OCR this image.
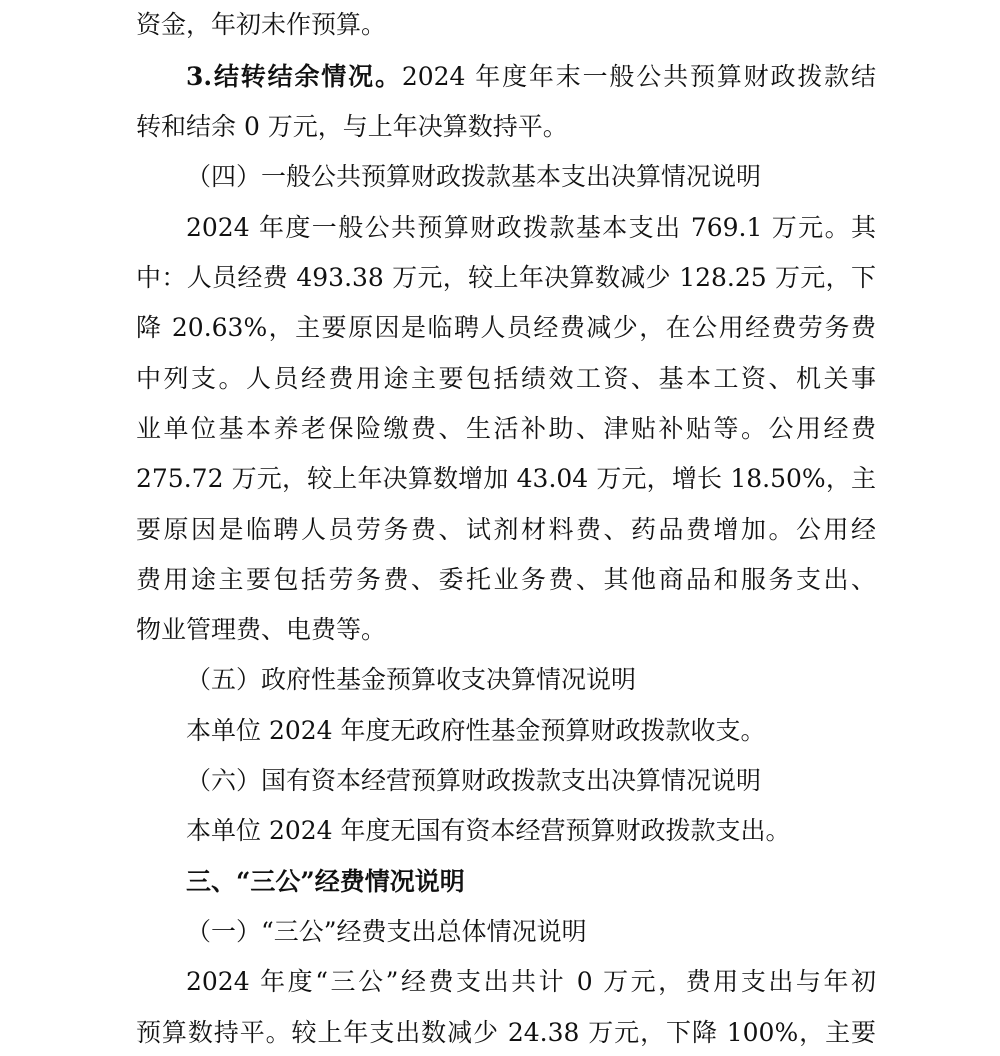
资金，年初未作预算。
3.结转结余情况。2024 年度年末一般公共预算财政拨款结
转和结余 0 万元，与上年决算数持平。
（四）一般公共预算财政拨款基本支出决算情况说明
2024 年度一般公共预算财政拨款基本支出 769.1 万元。其
中：人员经费 493.38 万元，较上年决算数减少 128.25 万元，下
降 20.63%，主要原因是临聘人员经费减少，在公用经费劳务费
中列支。人员经费用途主要包括绩效工资、基本工资、机关事
业单位基本养老保险缴费、生活补助、津贴补贴等。公用经费
275.72 万元，较上年决算数增加 43.04 万元，增长 18.50%，主
要原因是临聘人员劳务费、试剂材料费、药品费增加。公用经
费用途主要包括劳务费、委托业务费、其他商品和服务支出、
物业管理费、电费等。
（五）政府性基金预算收支决算情况说明
本单位 2024 年度无政府性基金预算财政拨款收支。
（六）国有资本经营预算财政拨款支出决算情况说明
本单位 2024 年度无国有资本经营预算财政拨款支出。
三、“三公”经费情况说明
（一）“三公”经费支出总体情况说明
2024 年度“三公”经费支出共计 0 万元，费用支出与年初
预算数持平。较上年支出数减少 24.38 万元，下降 100%，主要
